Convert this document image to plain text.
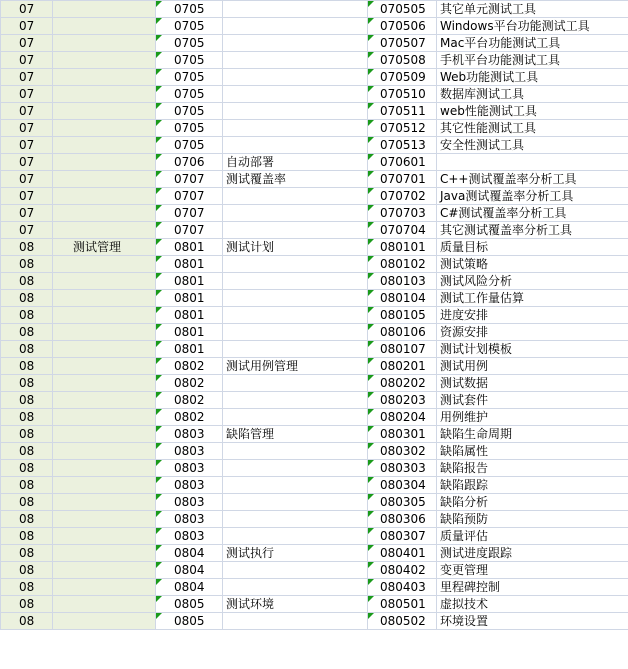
07		0705		070505	其它单元测试工具
07		0705		070506	Windows平台功能测试工具
07		0705		070507	Mac平台功能测试工具
07		0705		070508	手机平台功能测试工具
07		0705		070509	Web功能测试工具
07		0705		070510	数据库测试工具
07		0705		070511	web性能测试工具
07		0705		070512	其它性能测试工具
07		0705		070513	安全性测试工具
07		0706	自动部署	070601	
07		0707	测试覆盖率	070701	C++测试覆盖率分析工具
07		0707		070702	Java测试覆盖率分析工具
07		0707		070703	C#测试覆盖率分析工具
07		0707		070704	其它测试覆盖率分析工具
08	测试管理	0801	测试计划	080101	质量目标
08		0801		080102	测试策略
08		0801		080103	测试风险分析
08		0801		080104	测试工作量估算
08		0801		080105	进度安排
08		0801		080106	资源安排
08		0801		080107	测试计划模板
08		0802	测试用例管理	080201	测试用例
08		0802		080202	测试数据
08		0802		080203	测试套件
08		0802		080204	用例维护
08		0803	缺陷管理	080301	缺陷生命周期
08		0803		080302	缺陷属性
08		0803		080303	缺陷报告
08		0803		080304	缺陷跟踪
08		0803		080305	缺陷分析
08		0803		080306	缺陷预防
08		0803		080307	质量评估
08		0804	测试执行	080401	测试进度跟踪
08		0804		080402	变更管理
08		0804		080403	里程碑控制
08		0805	测试环境	080501	虚拟技术
08		0805		080502	环境设置
